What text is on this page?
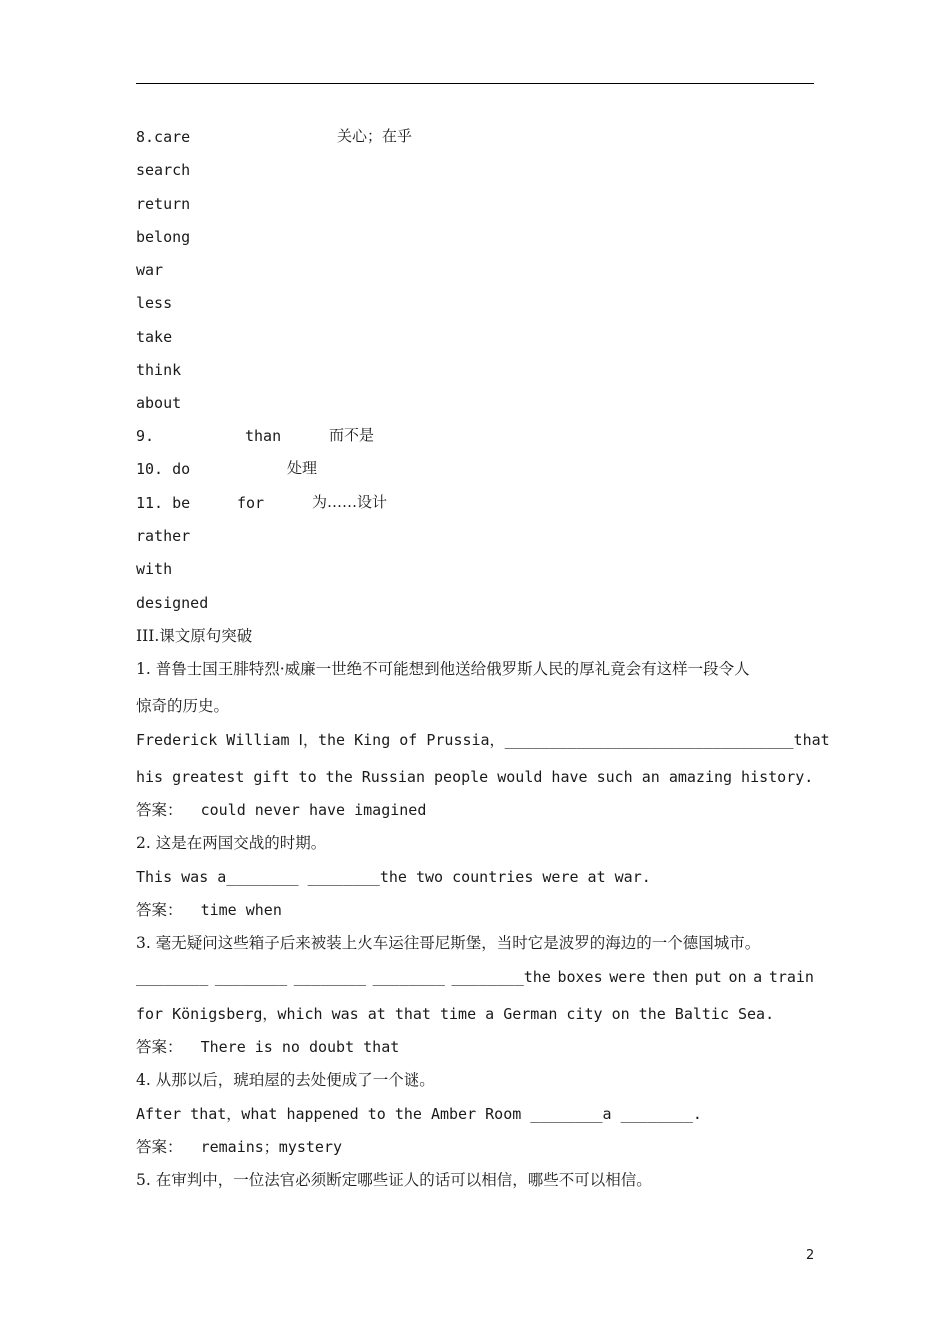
8.care	关心；在乎
search
return
belong
war
less
take
think
about
9.	than	而不是
10. do	处理
11. be	for	为……设计
rather
with
designed
III.课文原句突破
1. 普鲁士国王腓特烈·威廉一世绝不可能想到他送给俄罗斯人民的厚礼竟会有这样一段令人
惊奇的历史。
Frederick William Ⅰ，the King of Prussia， ________ ________ ________ ________that
his greatest gift to the Russian people would have such an amazing history.
答案： could never have imagined
2. 这是在两国交战的时期。
This was a________ ________the two countries were at war.
答案： time when
3. 毫无疑问这些箱子后来被装上火车运往哥尼斯堡，当时它是波罗的海边的一个德国城市。
________ ________ ________ ________ ________the boxes were then put on a train
for Königsberg，which was at that time a German city on the Baltic Sea.
答案： There is no doubt that
4. 从那以后，琥珀屋的去处便成了一个谜。
After that，what happened to the Amber Room ________a ________.
答案： remains；mystery
5. 在审判中，一位法官必须断定哪些证人的话可以相信，哪些不可以相信。
2
